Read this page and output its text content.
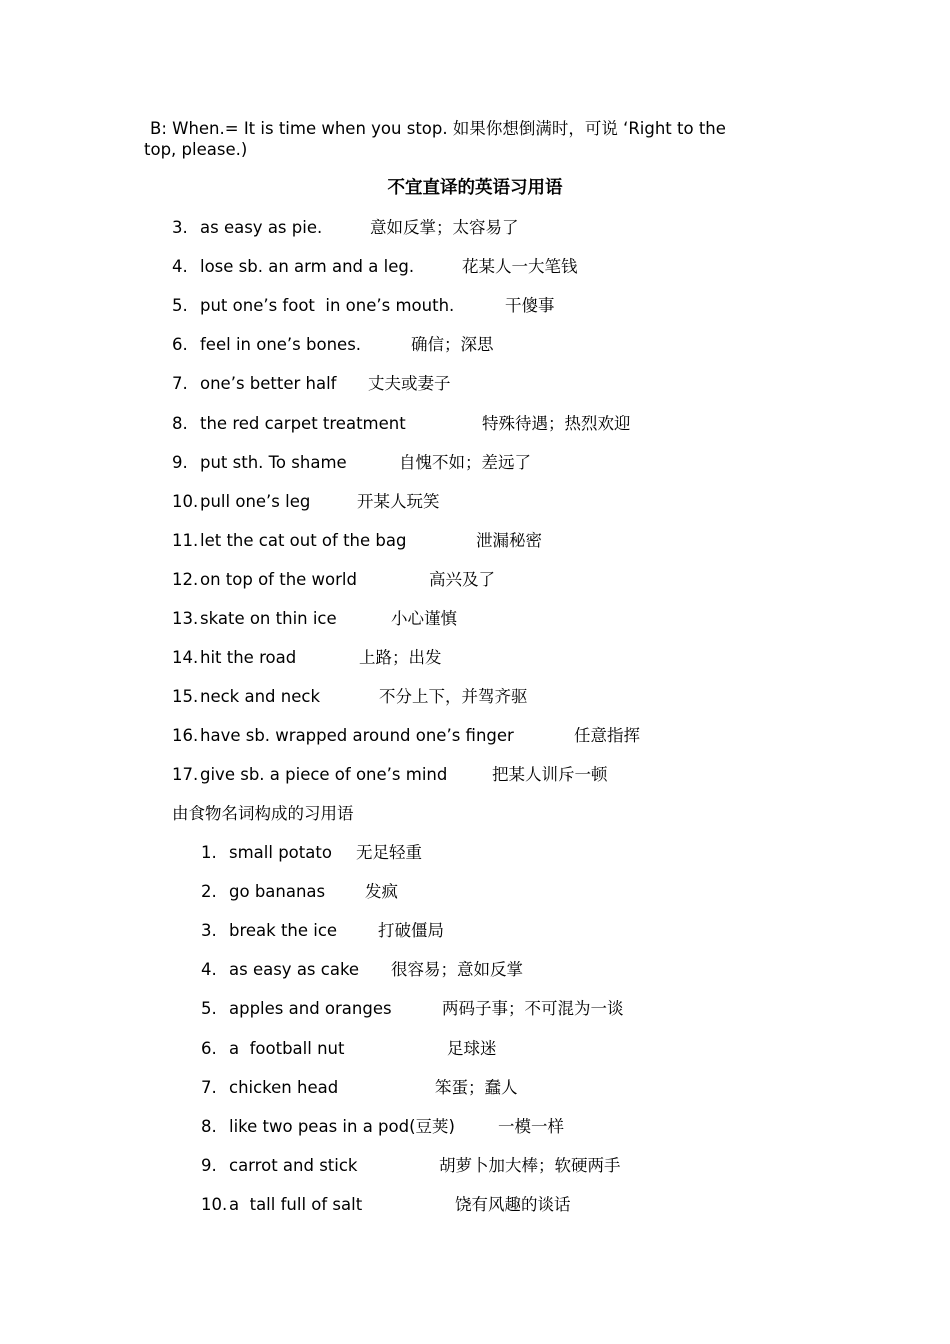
B: When.= It is time when you stop. 如果你想倒满时，可说 ‘Right to the
top, please.)

不宜直译的英语习用语
3. as easy as pie.	意如反掌；太容易了
4. lose sb. an arm and a leg.	花某人一大笔钱
5. put one’s foot  in one’s mouth.	干傻事
6. feel in one’s bones.	确信；深思
7. one’s better half 丈夫或妻子
8. the red carpet treatment	特殊待遇；热烈欢迎
9. put sth. To shame	自愧不如；差远了
10. pull one’s leg	开某人玩笑
11. let the cat out of the bag	泄漏秘密
12. on top of the world	高兴及了
13. skate on thin ice	小心谨慎
14. hit the road	上路；出发
15. neck and neck	不分上下，并驾齐驱
16. have sb. wrapped around one’s finger	任意指挥
17. give sb. a piece of one’s mind	把某人训斥一顿

由食物名词构成的习用语

1. small potato 无足轻重
2. go bananas 发疯
3. break the ice 打破僵局
4. as easy as cake 很容易；意如反掌
5. apples and oranges	两码子事；不可混为一谈
6. a  football nut	足球迷
7. chicken head	笨蛋；蠢人
8. like two peas in a pod(豆荚)	一模一样
9. carrot and stick	胡萝卜加大棒；软硬两手
10. a  tall full of salt	饶有风趣的谈话
